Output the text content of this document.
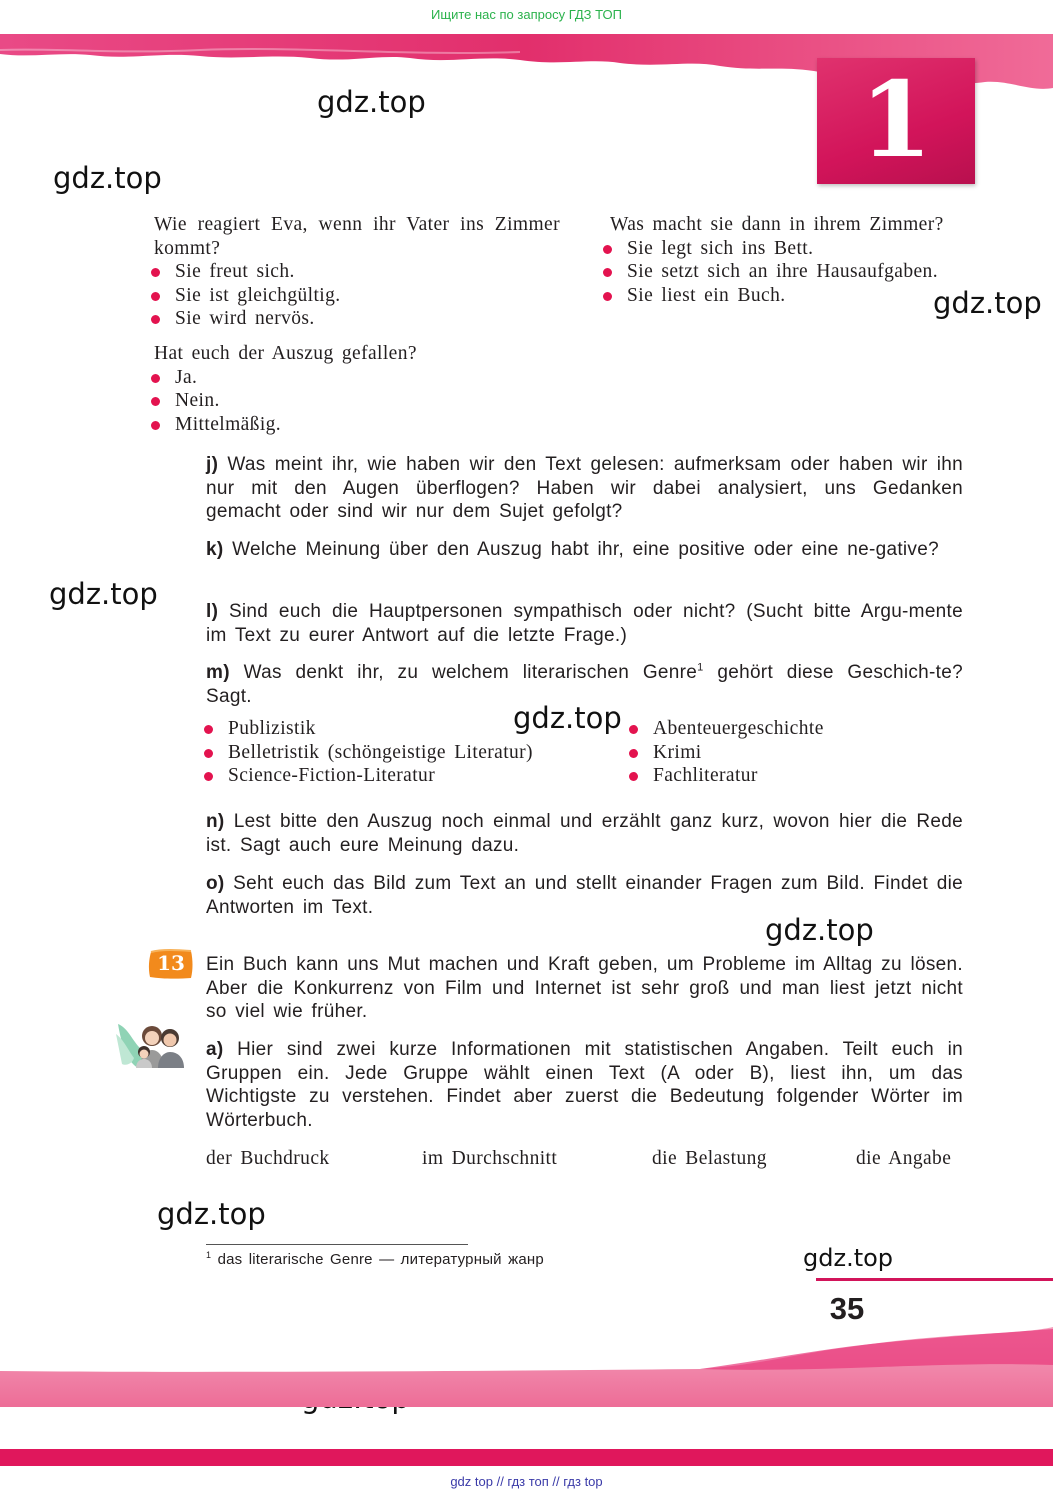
Ищите нас по запросу ГДЗ ТОП
1
gdz.top
gdz.top
gdz.top
gdz.top
gdz.top
gdz.top
gdz.top
gdz.top
Wie reagiert Eva, wenn ihr Vater ins Zimmer kommt?
Sie freut sich.
Sie ist gleichgültig.
Sie wird nervös.
Was macht sie dann in ihrem Zimmer?
Sie legt sich ins Bett.
Sie setzt sich an ihre Hausaufgaben.
Sie liest ein Buch.
Hat euch der Auszug gefallen?
Ja.
Nein.
Mittelmäßig.
j) Was meint ihr, wie haben wir den Text gelesen: aufmerksam oder haben wir ihn nur mit den Augen überflogen? Haben wir dabei analysiert, uns Gedanken gemacht oder sind wir nur dem Sujet gefolgt?
k) Welche Meinung über den Auszug habt ihr, eine positive oder eine ne-gative?
l) Sind euch die Hauptpersonen sympathisch oder nicht? (Sucht bitte Argu-mente im Text zu eurer Antwort auf die letzte Frage.)
m) Was denkt ihr, zu welchem literarischen Genre$^1$ gehört diese Geschich-te? Sagt.
Publizistik
Belletristik (schöngeistige Literatur)
Science-Fiction-Literatur
Abenteuergeschichte
Krimi
Fachliteratur
n) Lest bitte den Auszug noch einmal und erzählt ganz kurz, wovon hier die Rede ist. Sagt auch eure Meinung dazu.
o) Seht euch das Bild zum Text an und stellt einander Fragen zum Bild. Findet die Antworten im Text.
13	Ein Buch kann uns Mut machen und Kraft geben, um Probleme im Alltag zu lösen. Aber die Konkurrenz von Film und Internet ist sehr groß und man liest jetzt nicht so viel wie früher.
a) Hier sind zwei kurze Informationen mit statistischen Angaben. Teilt euch in Gruppen ein. Jede Gruppe wählt einen Text (A oder B), liest ihn, um das Wichtigste zu verstehen. Findet aber zuerst die Bedeutung folgender Wörter im Wörterbuch.
der Buchdruck	im Durchschnitt	die Belastung	die Angabe
$^1$ das literarische Genre — литературный жанр
35
gdz top // гдз топ // гдз top
